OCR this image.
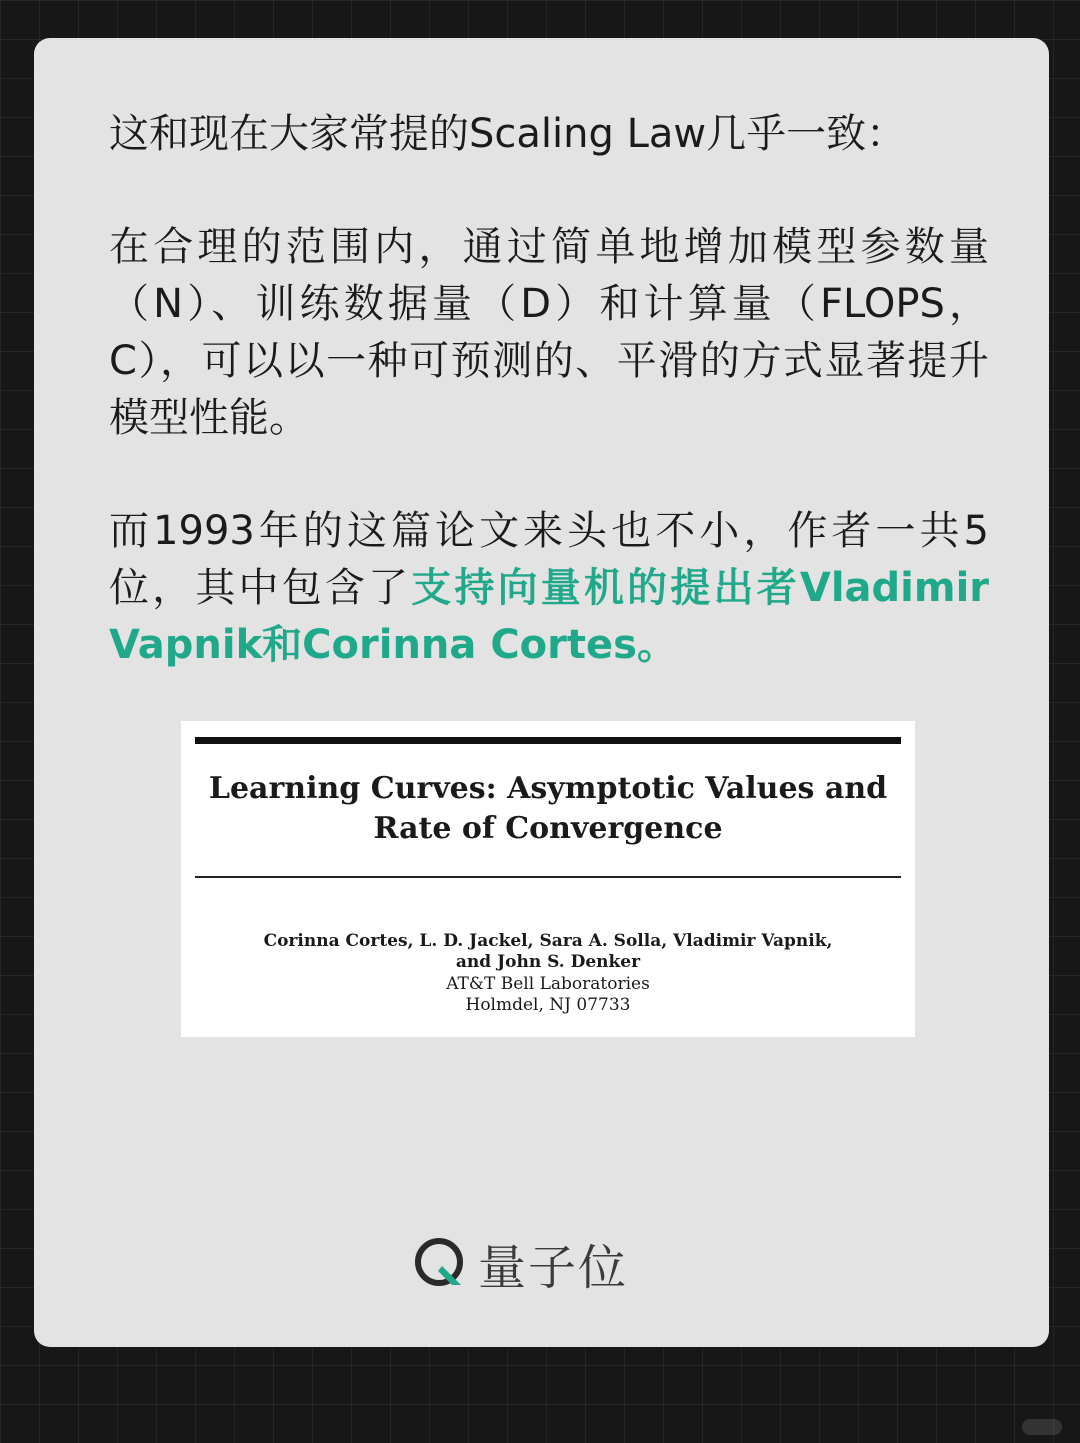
这和现在大家常提的Scaling Law几乎一致：

在合理的范围内，通过简单地增加模型参数量（N）、训练数据量（D）和计算量（FLOPS，C），可以以一种可预测的、平滑的方式显著提升模型性能。

而1993年的这篇论文来头也不小，作者一共5位，其中包含了支持向量机的提出者Vladimir Vapnik和Corinna Cortes。

Learning Curves: Asymptotic Values and
Rate of Convergence
Corinna Cortes, L. D. Jackel, Sara A. Solla, Vladimir Vapnik,
and John S. Denker
AT&T Bell Laboratories
Holmdel, NJ 07733
量子位
